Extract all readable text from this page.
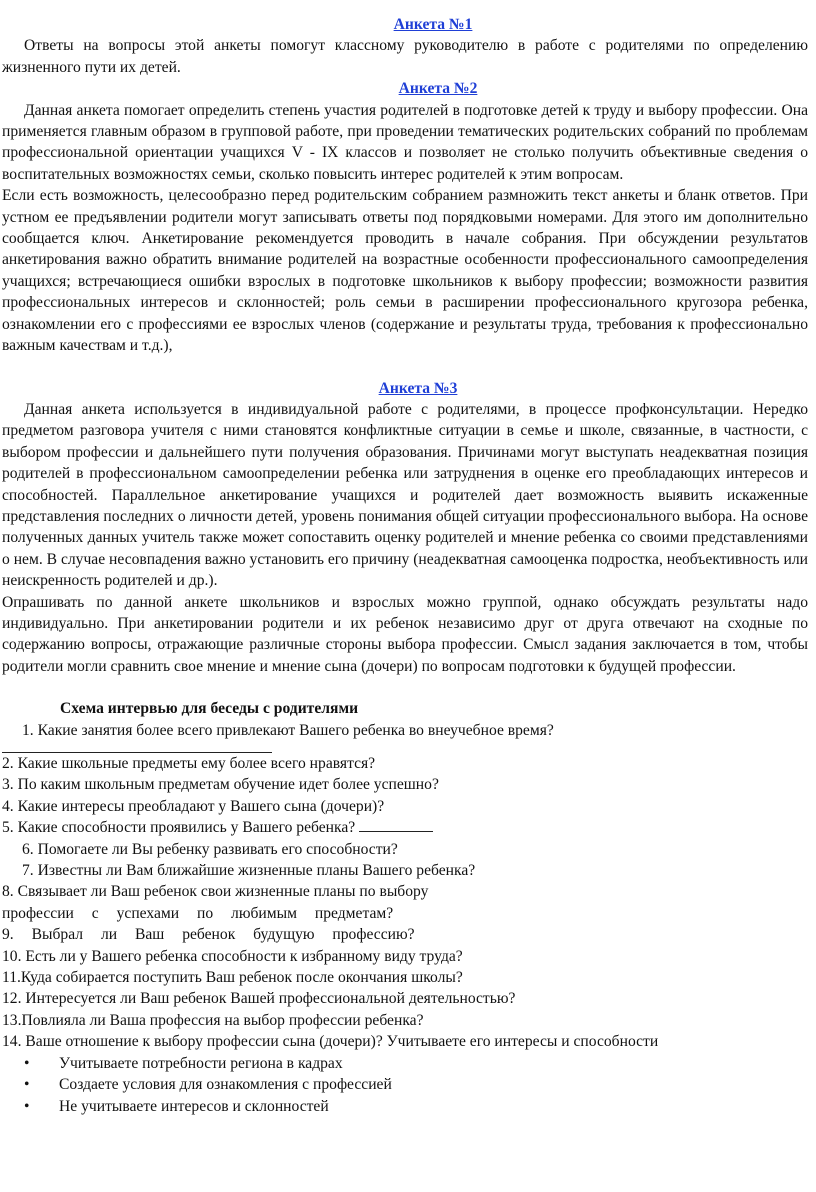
Анкета №1

Ответы на вопросы этой анкеты помогут классному руководителю в работе с родителями по определению жизненного пути их детей.

Анкета №2

Данная анкета помогает определить степень участия родителей в подготовке детей к труду и выбору профессии. Она применяется главным образом в групповой работе, при проведении тематических родительских собраний по проблемам профессиональной ориентации учащихся V - IX классов и позволяет не столько получить объективные сведения о воспитательных возможностях семьи, сколько повысить интерес родителей к этим вопросам.

Если есть возможность, целесообразно перед родительским собранием размножить текст анкеты и бланк ответов. При устном ее предъявлении родители могут записывать ответы под порядковыми номерами. Для этого им дополнительно сообщается ключ. Анкетирование рекомендуется проводить в начале собрания. При обсуждении результатов анкетирования важно обратить внимание родителей на возрастные особенности профессионального самоопределения учащихся; встречающиеся ошибки взрослых в подготовке школьников к выбору профессии; возможности развития профессиональных интересов и склонностей; роль семьи в расширении профессионального кругозора ребенка, ознакомлении его с профессиями ее взрослых членов (содержание и результаты труда, требования к профессионально важным качествам и т.д.),

Анкета №3

Данная анкета используется в индивидуальной работе с родителями, в процессе профконсультации. Нередко предметом разговора учителя с ними становятся конфликтные ситуации в семье и школе, связанные, в частности, с выбором профессии и дальнейшего пути получения образования. Причинами могут выступать неадекватная позиция родителей в профессиональном самоопределении ребенка или затруднения в оценке его преобладающих интересов и способностей. Параллельное анкетирование учащихся и родителей дает возможность выявить искаженные представления последних о личности детей, уровень понимания общей ситуации профессионального выбора. На основе полученных данных учитель также может сопоставить оценку родителей и мнение ребенка со своими представлениями о нем. В случае несовпадения важно установить его причину (неадекватная самооценка подростка, необъективность или неискренность родителей и др.).

Опрашивать по данной анкете школьников и взрослых можно группой, однако обсуждать результаты надо индивидуально. При анкетировании родители и их ребенок независимо друг от друга отвечают на сходные по содержанию вопросы, отражающие различные стороны выбора профессии. Смысл задания заключается в том, чтобы родители могли сравнить свое мнение и мнение сына (дочери) по вопросам подготовки к будущей профессии.

Схема интервью для беседы с родителями
1. Какие занятия более всего привлекают Вашего ребенка во внеучебное время?
2. Какие школьные предметы ему более всего нравятся?
3. По каким школьным предметам обучение идет более успешно?
4. Какие интересы преобладают у Вашего сына (дочери)?
5. Какие способности проявились у Вашего ребенка?
6. Помогаете ли Вы ребенку развивать его способности?
7. Известны ли Вам ближайшие жизненные планы Вашего ребенка?
8. Связывает ли Ваш ребенок свои жизненные планы по выбору
профессии с успехами по любимым предметам?
9. Выбрал ли Ваш ребенок будущую профессию?
10. Есть ли у Вашего ребенка способности к избранному виду труда?
11.Куда собирается поступить Ваш ребенок после окончания школы?
12. Интересуется ли Ваш ребенок Вашей профессиональной деятельностью?
13.Повлияла ли Ваша профессия на выбор профессии ребенка?
14. Ваше отношение к выбору профессии сына (дочери)? Учитываете его интересы и способности
• Учитываете потребности региона в кадрах
• Создаете условия для ознакомления с профессией
• Не учитываете интересов и склонностей
